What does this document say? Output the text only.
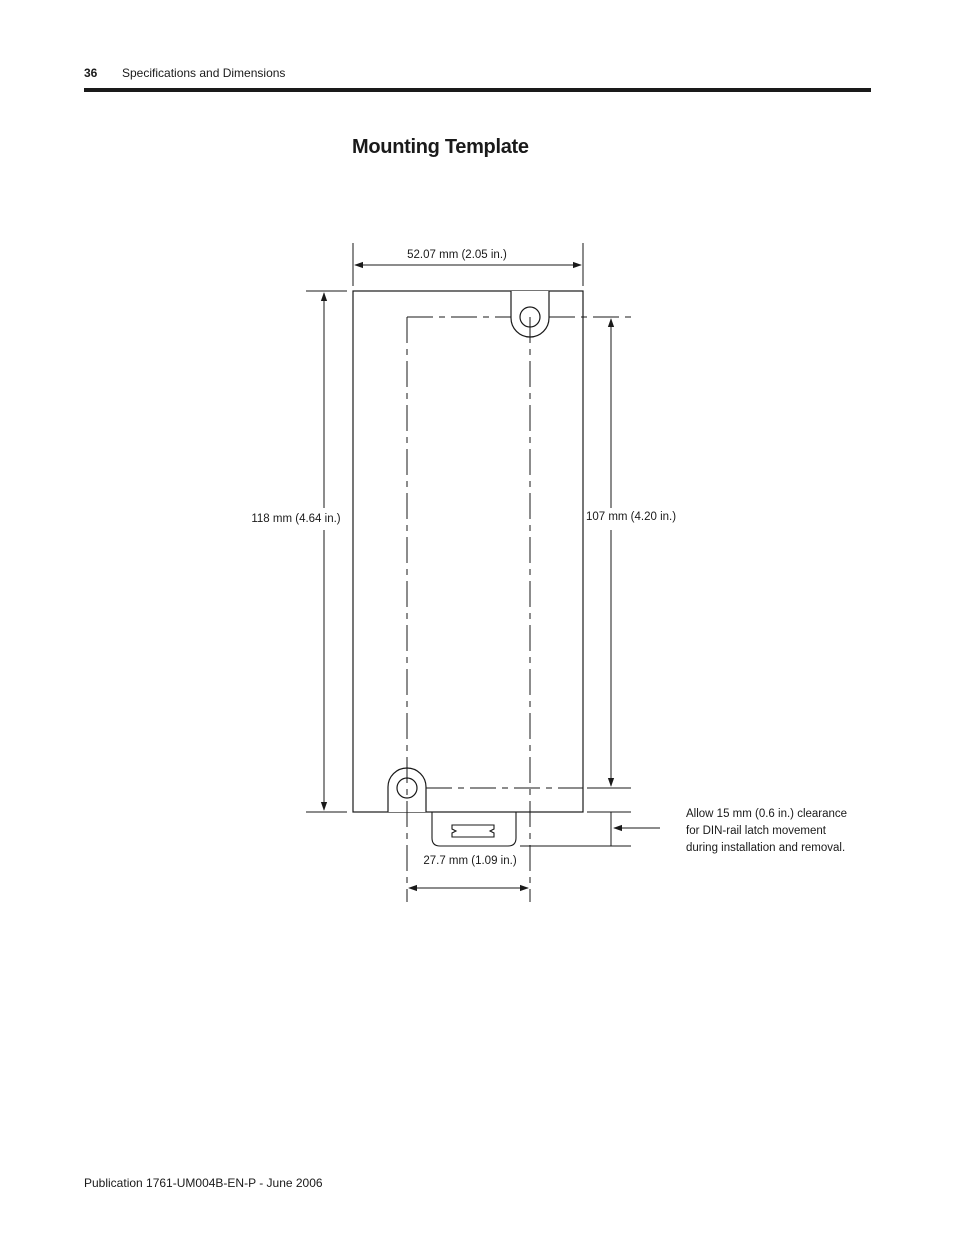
36 Specifications and Dimensions
Mounting Template
52.07 mm (2.05 in.)
118 mm (4.64 in.)	107 mm (4.20 in.)
Allow 15 mm (0.6 in.) clearance for DIN-rail latch movement during installation and removal.
27.7 mm (1.09 in.)
Publication 1761-UM004B-EN-P - June 2006
